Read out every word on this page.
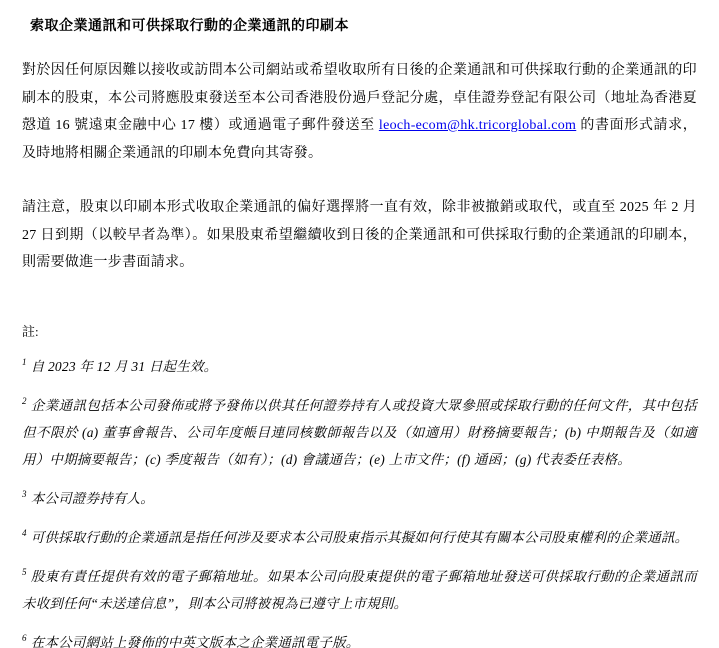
索取企業通訊和可供採取行動的企業通訊的印刷本
對於因任何原因難以接收或訪問本公司網站或希望收取所有日後的企業通訊和可供採取行動的企業通訊的印刷本的股東，本公司將應股東發送至本公司香港股份過戶登記分處，卓佳證券登記有限公司（地址為香港夏慤道 16 號遠東金融中心 17 樓）或通過電子郵件發送至 leoch-ecom@hk.tricorglobal.com 的書面形式請求，及時地將相關企業通訊的印刷本免費向其寄發。
請注意，股東以印刷本形式收取企業通訊的偏好選擇將一直有效，除非被撤銷或取代，或直至 2025 年 2 月 27 日到期（以較早者為準）。如果股東希望繼續收到日後的企業通訊和可供採取行動的企業通訊的印刷本，則需要做進一步書面請求。
註:
$^1$ 自 2023 年 12 月 31 日起生效。
$^2$ 企業通訊包括本公司發佈或將予發佈以供其任何證券持有人或投資大眾參照或採取行動的任何文件，其中包括但不限於 (a) 董事會報告、公司年度帳目連同核數師報告以及（如適用）財務摘要報告；(b) 中期報告及（如適用）中期摘要報告；(c) 季度報告（如有）；(d) 會議通告；(e) 上市文件；(f) 通函；(g) 代表委任表格。
$^3$ 本公司證券持有人。
$^4$ 可供採取行動的企業通訊是指任何涉及要求本公司股東指示其擬如何行使其有關本公司股東權利的企業通訊。
$^5$ 股東有責任提供有效的電子郵箱地址。如果本公司向股東提供的電子郵箱地址發送可供採取行動的企業通訊而未收到任何“未送達信息”，則本公司將被視為已遵守上市規則。
$^6$ 在本公司網站上發佈的中英文版本之企業通訊電子版。
